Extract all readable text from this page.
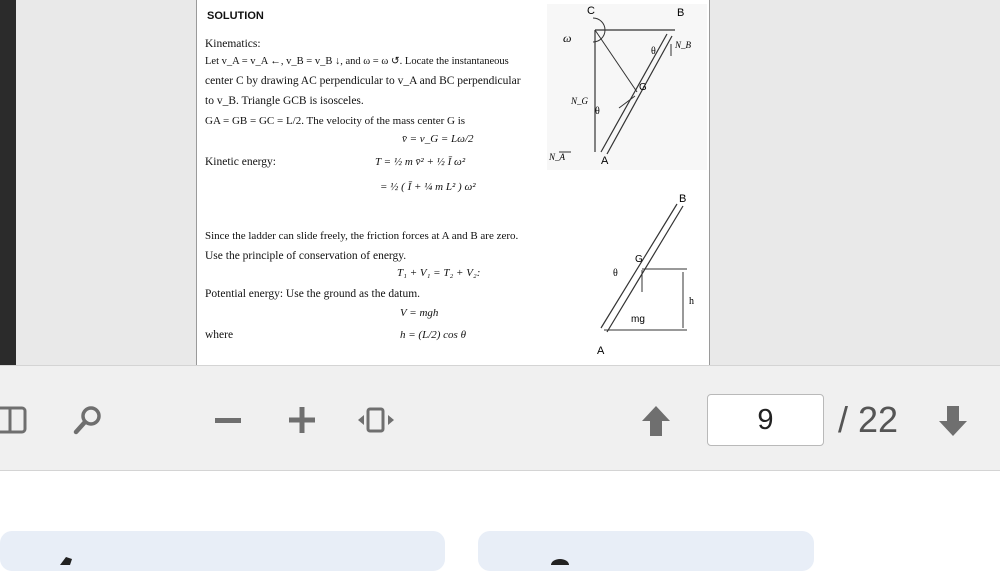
SOLUTION
Kinematics:
Let v_A = v_A ←, v_B = v_B ↓, and ω = ω ↺. Locate the instantaneous
center C by drawing AC perpendicular to v_A and BC perpendicular
to v_B. Triangle GCB is isosceles.
GA = GB = GC = L/2. The velocity of the mass center G is
v̄ = v_G = Lω/2
Kinetic energy:	T = ½ m v̄² + ½ Ī ω²
= ½ ( Ī + ¼ m L² ) ω²
Since the ladder can slide freely, the friction forces at A and B are zero.
Use the principle of conservation of energy.
T₁ + V₁ = T₂ + V₂:
Potential energy: Use the ground as the datum.
V = mgh
where	h = (L/2) cos θ
C	B
G
A
ω
θ
θ
N_B
N_G
N_A
B
G
θ
mg
h
A
9
/ 22
